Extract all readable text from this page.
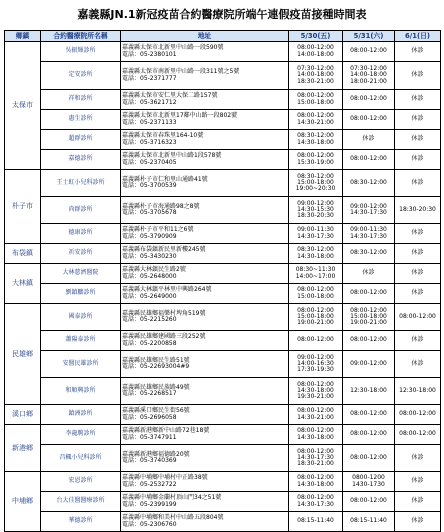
嘉義縣JN.1新冠疫苗合約醫療院所端午連假疫苗接種時間表
鄉鎮	合約醫療院所名稱	地址	5/30(五)	5/31(六)	6/1(日)
太保市	吳振輝診所	嘉義縣太保市北新里中山路一段590號
電話：05-2380101	08:00-12:00
14:00-18:00	08:00-12:00	休診

	定安診所	嘉義縣太保市南新里中山路一段311號之5號
電話：05-2371777	07:30-12:00
14:00-18:00
18:30-21:00	07:30-12:00
14:00-18:00
18:00-21:00	休診

	祥和診所	嘉義縣太保市安仁里大保二路157號
電話：05-3621712	08:00-12:00
15:00-18:00	08:00-12:00	休診

	惠生診所	嘉義縣太保市北新里17鄰中山路一段802號
電話：05-2371133	08:00-12:00
14:30-21:00	08:00-12:00	休診

	超群診所	嘉義縣太保市春珠里164-10號
電話：05-3716323	08:30-12:00
14:30-18:00	休診	休診

	嘉德診所	嘉義縣太保市北新里中山路1段578號
電話：05-2370405	08:00-12:00
15:30-19:00	08:00-12:00	休診

朴子市	王士虹小兒科診所	嘉義縣朴子市仁和里山通路41號
電話：05-3700539	08:30-12:00
15:00-18:00
19:00~20:30	08:30-12:00	休診

	尚群診所	嘉義縣朴子市海通路98之8號
電話：05-3705678	09:00-12:00
14:30-15:30
18:30-20:30	09:00-12:00
14:30-17:30	18:30-20:30

	德康診所	嘉義縣朴子市平和11之6號
電話：05-3790909	09:00-11:30
14:30-17:30	09:00-11:30
14:30-17:30	休診

布袋鎮	祈安診所	嘉義縣布袋鎮新民里新樓245號
電話：05-3430230	08:30-12:00
14:30-18:00	08:30-12:00	休診

大林鎮	大林慈濟醫院	嘉義縣大林鎮民生路2號
電話：05-2648000	08:30~11:30
14:00~17:00	休診	休診

	劉鎮鵬診所	嘉義縣大林鎮平林里中興路264號
電話：05-2649000	08:00-12:00
15:00-18:00	08:00-12:00	休診

民雄鄉	國泰診所	嘉義縣民雄鄉福樂村埤角519號
電話：05-2215260	08:00-12:00
15:00-18:00
19:00-21:00	08:00-12:00
15:00-18:00
19:00-21:00	08:00-12:00

	蕭陽泰診所	嘉義縣民雄鄉建國路三段252號
電話：05-2200858	08:00-12:00	08:00-12:00	休診

	安醫民雄診所	嘉義縣民雄鄉民生路51號
電話：05-22693004#9	09:00-12:00
14:00-16:30
17:30-19:30	09:00-12:00	休診

	和順興診所	嘉義縣民雄鄉民族路49號
電話：05-2268517	08:00-12:00
14:30-18:00
19:30-21:00	12:30-18:00	12:30-18:00

溪口鄉	鎮洲診所	嘉義縣溪口鄉民生街56號
電話：05-2696058	08:00-12:00
14:30-21:00	08:00-12:00	08:00-12:00

新港鄉	李龍駒診所	嘉義縣新港鄉新中山路72巷18號
電話：05-3747911	08:00-12:00
14:30-18:00	08:00-12:00	08:00-12:00

	昌楓小兒科診所	嘉義縣新港鄉福德路20號
電話：05-3740369	08:00-12:00
14:30-17:30
18:30-21:00	08:00-12:00	休診

中埔鄉	宏恩診所	嘉義縣中埔鄉中埔村中正路38號
電話：05-2532722	08:00-12:00
14:30-18:00	0800-1200
1430-1730	休診

	台大佳醫醫療診所	嘉義縣中埔鄉金蘭村頂山門34之51號
電話：05-2399199	08:00-12:00
14:30-17:30	08:00-12:00	休診

	華德診所	嘉義縣中埔鄉和美村中山路五段804號
電話：05-2306760	08:15-11:40	08:15-11:40	休診
